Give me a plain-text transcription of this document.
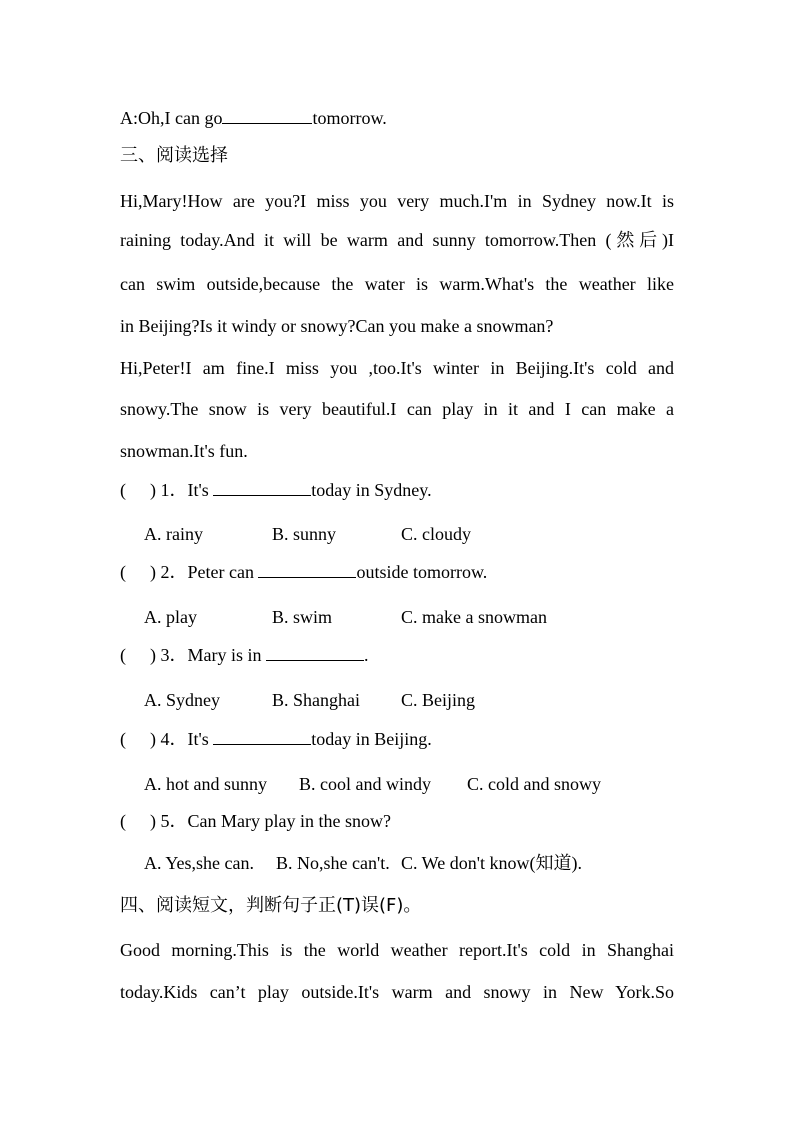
A:Oh,I can go	tomorrow.
三、阅读选择
Hi,Mary!How are you?I miss you very much.I'm in Sydney now.It is
raining today.And it will be warm and sunny tomorrow.Then (然后)I
can swim outside,because the water is warm.What's the weather like
in Beijing?Is it windy or snowy?Can you make a snowman?
Hi,Peter!I am fine.I miss you ,too.It's winter in Beijing.It's cold and
snowy.The snow is very beautiful.I can play in it and I can make a
snowman.It's fun.
( ) 1．It's	today in Sydney.
A. rainy	B. sunny	C. cloudy
( ) 2．Peter can	outside tomorrow.
A. play	B. swim	C. make a snowman
( ) 3．Mary is in	.
A. Sydney	B. Shanghai C. Beijing
( ) 4．It's	today in Beijing.
A. hot and sunny B. cool and windy C. cold and snowy
( ) 5．Can Mary play in the snow?
A. Yes,she can. B. No,she can't. C. We don't know(知道).
四、阅读短文，判断句子正(T)误(F)。
Good morning.This is the world weather report.It's cold in Shanghai
today.Kids can’t play outside.It's warm and snowy in New York.So
